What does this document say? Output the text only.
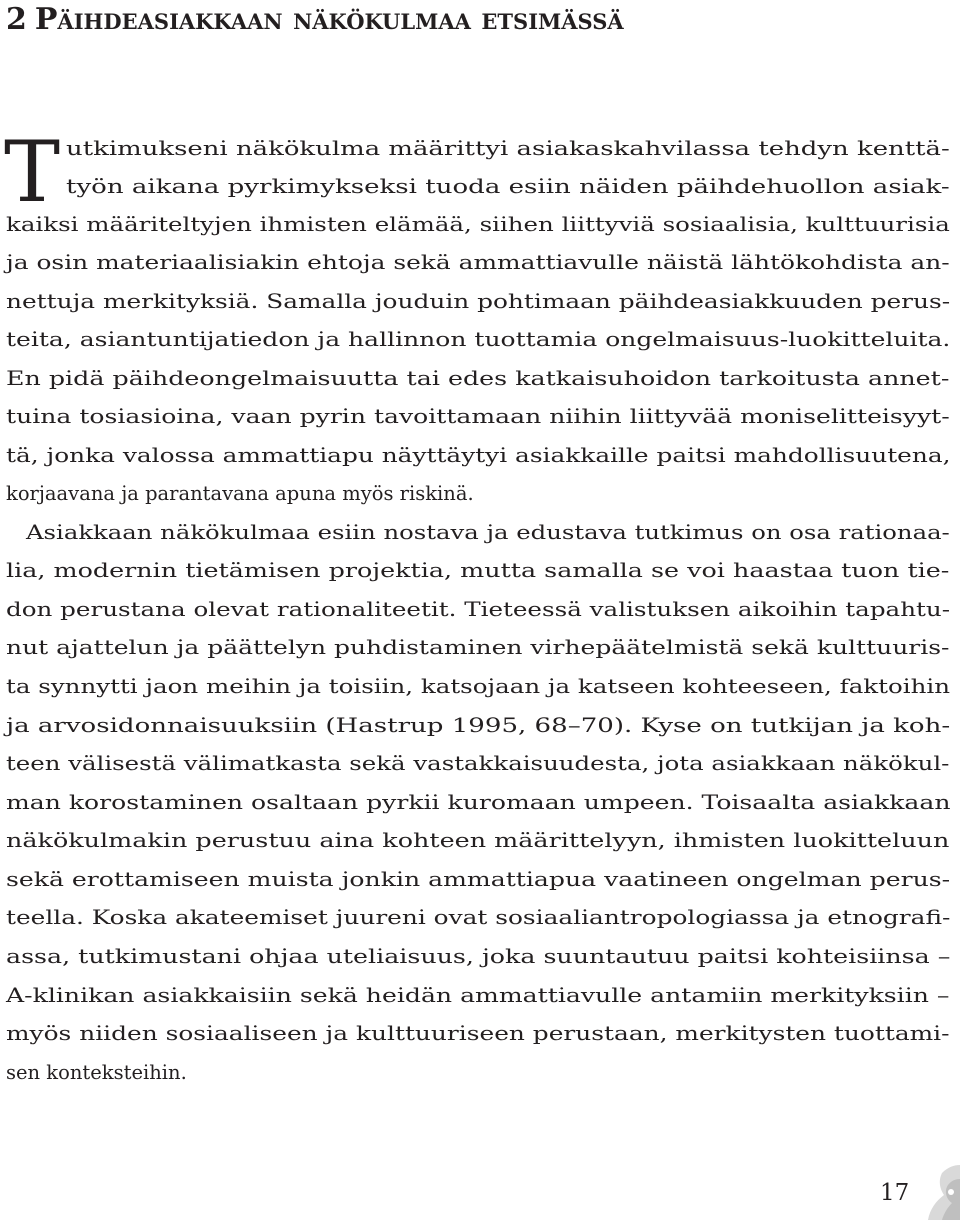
2 Päihdeasiakkaan näkökulmaa etsimässä
T utkimukseni näkökulma määrittyi asiakaskahvilassa tehdyn kenttä-
työn aikana pyrkimykseksi tuoda esiin näiden päihdehuollon asiak-
kaiksi määriteltyjen ihmisten elämää, siihen liittyviä sosiaalisia, kulttuurisia
ja osin materiaalisiakin ehtoja sekä ammattiavulle näistä lähtökohdista an-
nettuja merkityksiä. Samalla jouduin pohtimaan päihdeasiakkuuden perus-
teita, asiantuntijatiedon ja hallinnon tuottamia ongelmaisuus-luokitteluita.
En pidä päihdeongelmaisuutta tai edes katkaisuhoidon tarkoitusta annet-
tuina tosiasioina, vaan pyrin tavoittamaan niihin liittyvää moniselitteisyyt-
tä, jonka valossa ammattiapu näyttäytyi asiakkaille paitsi mahdollisuutena,
korjaavana ja parantavana apuna myös riskinä.
Asiakkaan näkökulmaa esiin nostava ja edustava tutkimus on osa rationaa-
lia, modernin tietämisen projektia, mutta samalla se voi haastaa tuon tie-
don perustana olevat rationaliteetit. Tieteessä valistuksen aikoihin tapahtu-
nut ajattelun ja päättelyn puhdistaminen virhepäätelmistä sekä kulttuuris-
ta synnytti jaon meihin ja toisiin, katsojaan ja katseen kohteeseen, faktoihin
ja arvosidonnaisuuksiin (Hastrup 1995, 68–70). Kyse on tutkijan ja koh-
teen välisestä välimatkasta sekä vastakkaisuudesta, jota asiakkaan näkökul-
man korostaminen osaltaan pyrkii kuromaan umpeen. Toisaalta asiakkaan
näkökulmakin perustuu aina kohteen määrittelyyn, ihmisten luokitteluun
sekä erottamiseen muista jonkin ammattiapua vaatineen ongelman perus-
teella. Koska akateemiset juureni ovat sosiaaliantropologiassa ja etnografi-
assa, tutkimustani ohjaa uteliaisuus, joka suuntautuu paitsi kohteisiinsa –
A-klinikan asiakkaisiin sekä heidän ammattiavulle antamiin merkityksiin –
myös niiden sosiaaliseen ja kulttuuriseen perustaan, merkitysten tuottami-
sen konteksteihin.
17
